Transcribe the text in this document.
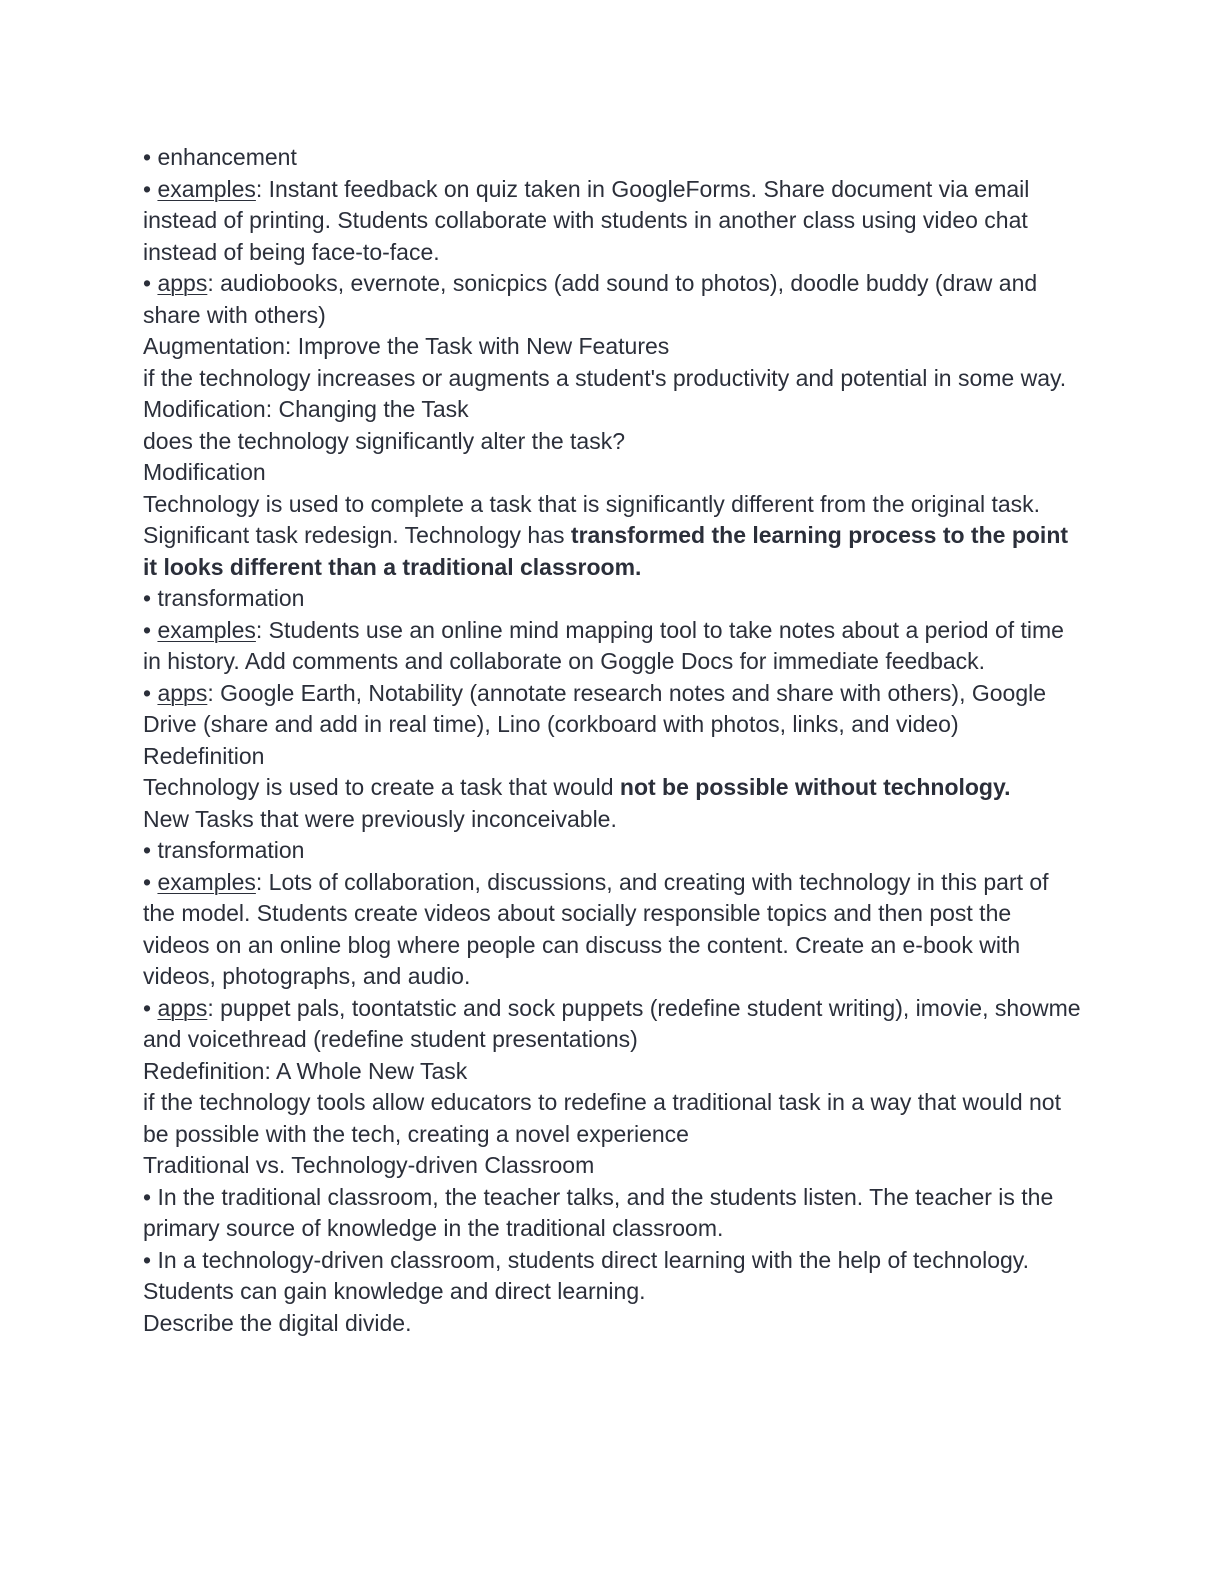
• enhancement

• examples: Instant feedback on quiz taken in GoogleForms. Share document via email instead of printing. Students collaborate with students in another class using video chat instead of being face-to-face.

• apps: audiobooks, evernote, sonicpics (add sound to photos), doodle buddy (draw and share with others)

Augmentation: Improve the Task with New Features

if the technology increases or augments a student's productivity and potential in some way.

Modification: Changing the Task

does the technology significantly alter the task?

Modification

Technology is used to complete a task that is significantly different from the original task. Significant task redesign. Technology has transformed the learning process to the point it looks different than a traditional classroom.

• transformation

• examples: Students use an online mind mapping tool to take notes about a period of time in history. Add comments and collaborate on Goggle Docs for immediate feedback.

• apps: Google Earth, Notability (annotate research notes and share with others), Google Drive (share and add in real time), Lino (corkboard with photos, links, and video)

Redefinition

Technology is used to create a task that would not be possible without technology.

New Tasks that were previously inconceivable.

• transformation

• examples: Lots of collaboration, discussions, and creating with technology in this part of the model. Students create videos about socially responsible topics and then post the videos on an online blog where people can discuss the content. Create an e-book with videos, photographs, and audio.

• apps: puppet pals, toontatstic and sock puppets (redefine student writing), imovie, showme and voicethread (redefine student presentations)

Redefinition: A Whole New Task

if the technology tools allow educators to redefine a traditional task in a way that would not be possible with the tech, creating a novel experience

Traditional vs. Technology-driven Classroom

• In the traditional classroom, the teacher talks, and the students listen. The teacher is the primary source of knowledge in the traditional classroom.

• In a technology-driven classroom, students direct learning with the help of technology. Students can gain knowledge and direct learning.

Describe the digital divide.
